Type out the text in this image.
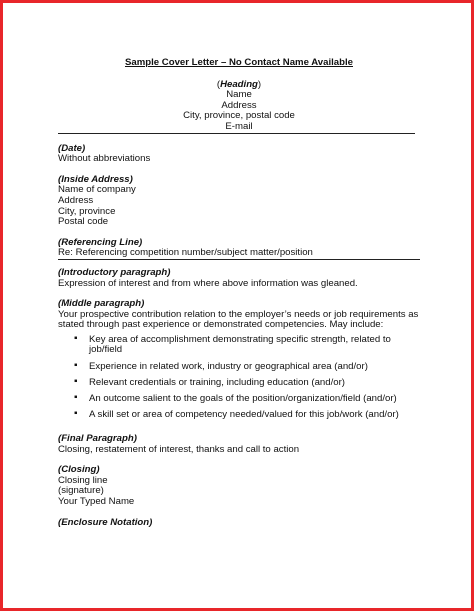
Sample Cover Letter – No Contact Name Available
(Heading)
Name
Address
City, province, postal code
E-mail
(Date)
Without abbreviations
(Inside Address)
Name of company
Address
City, province
Postal code
(Referencing Line)
Re: Referencing competition number/subject matter/position
(Introductory paragraph)
Expression of interest and from where above information was gleaned.
(Middle paragraph)
Your prospective contribution relation to the employer’s needs or job requirements as
stated through past experience or demonstrated competencies. May include:
▪ Key area of accomplishment demonstrating specific strength, related to job/field
▪ Experience in related work, industry or geographical area (and/or)
▪ Relevant credentials or training, including education (and/or)
▪ An outcome salient to the goals of the position/organization/field (and/or)
▪ A skill set or area of competency needed/valued for this job/work (and/or)
(Final Paragraph)
Closing, restatement of interest, thanks and call to action
(Closing)
Closing line
(signature)
Your Typed Name
(Enclosure Notation)
